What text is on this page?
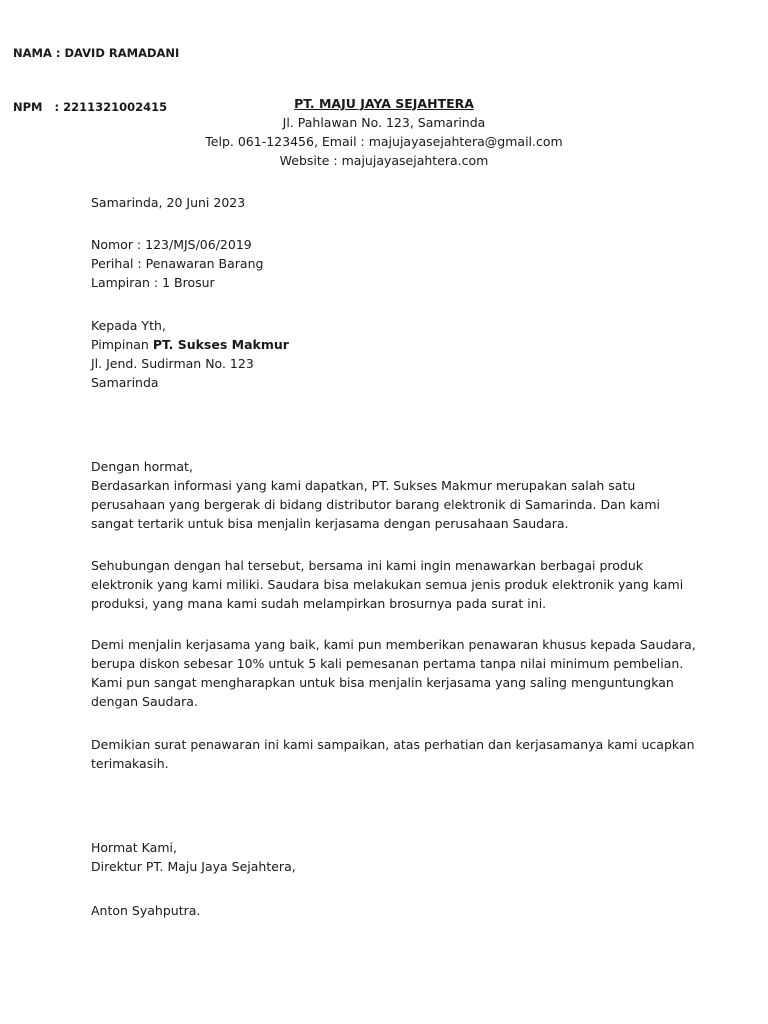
NAMA : DAVID RAMADANI

NPM   : 2211321002415	PT. MAJU JAYA SEJAHTERA
Jl. Pahlawan No. 123, Samarinda
Telp. 061-123456, Email : majujayasejahtera@gmail.com
Website : majujayasejahtera.com
Samarinda, 20 Juni 2023
Nomor : 123/MJS/06/2019
Perihal : Penawaran Barang
Lampiran : 1 Brosur
Kepada Yth,
Pimpinan PT. Sukses Makmur
Jl. Jend. Sudirman No. 123
Samarinda
Dengan hormat,
Berdasarkan informasi yang kami dapatkan, PT. Sukses Makmur merupakan salah satu
perusahaan yang bergerak di bidang distributor barang elektronik di Samarinda. Dan kami
sangat tertarik untuk bisa menjalin kerjasama dengan perusahaan Saudara.
Sehubungan dengan hal tersebut, bersama ini kami ingin menawarkan berbagai produk
elektronik yang kami miliki. Saudara bisa melakukan semua jenis produk elektronik yang kami
produksi, yang mana kami sudah melampirkan brosurnya pada surat ini.
Demi menjalin kerjasama yang baik, kami pun memberikan penawaran khusus kepada Saudara,
berupa diskon sebesar 10% untuk 5 kali pemesanan pertama tanpa nilai minimum pembelian.
Kami pun sangat mengharapkan untuk bisa menjalin kerjasama yang saling menguntungkan
dengan Saudara.
Demikian surat penawaran ini kami sampaikan, atas perhatian dan kerjasamanya kami ucapkan
terimakasih.
Hormat Kami,
Direktur PT. Maju Jaya Sejahtera,
Anton Syahputra.
